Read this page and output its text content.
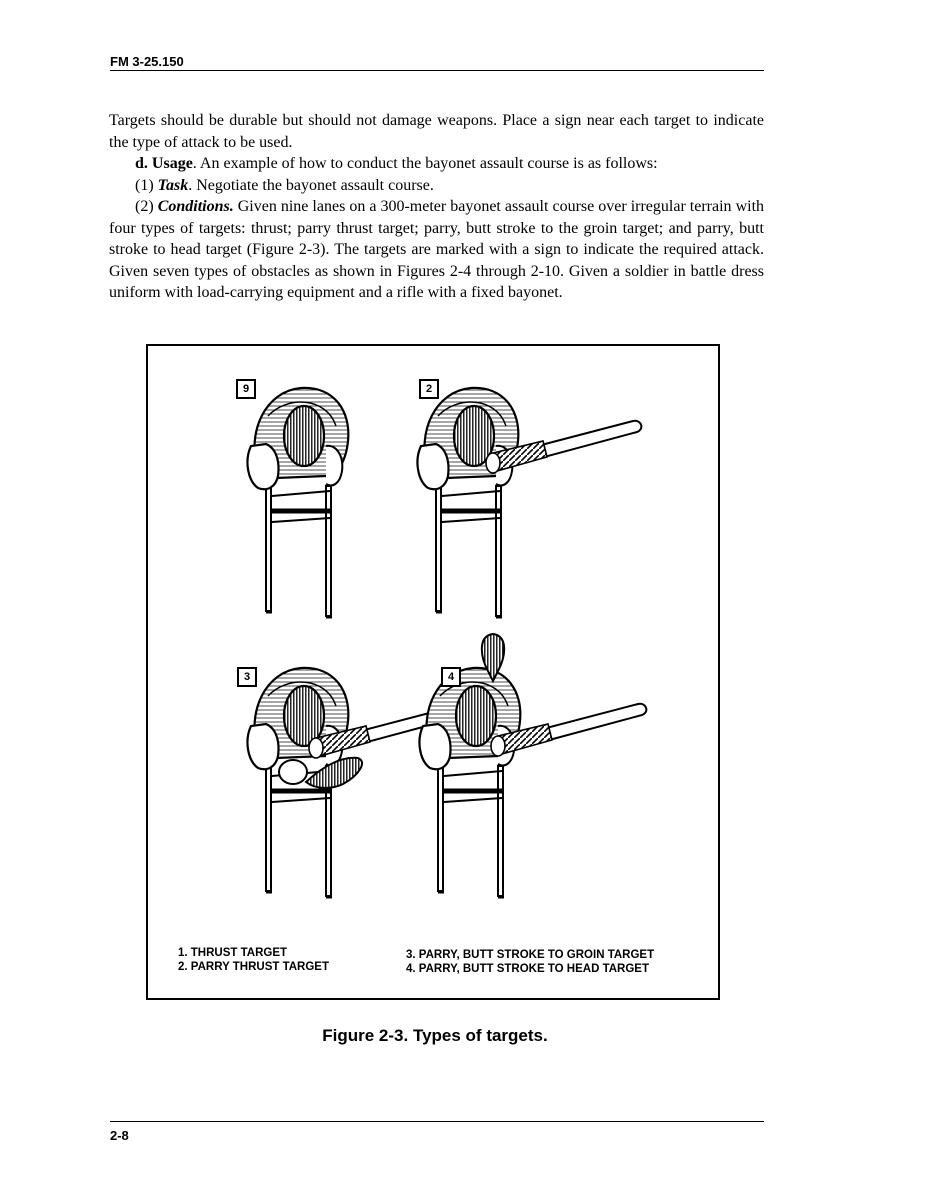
FM 3-25.150

Targets should be durable but should not damage weapons. Place a sign near each target to indicate the type of attack to be used.

d. Usage. An example of how to conduct the bayonet assault course is as follows:

(1) Task. Negotiate the bayonet assault course.

(2) Conditions. Given nine lanes on a 300-meter bayonet assault course over irregular terrain with four types of targets: thrust; parry thrust target; parry, butt stroke to the groin target; and parry, butt stroke to head target (Figure 2-3). The targets are marked with a sign to indicate the required attack. Given seven types of obstacles as shown in Figures 2-4 through 2-10. Given a soldier in battle dress uniform with load-carrying equipment and a rifle with a fixed bayonet.

9	2
3	4
1. THRUST TARGET
2. PARRY THRUST TARGET
3. PARRY, BUTT STROKE TO GROIN TARGET
4. PARRY, BUTT STROKE TO HEAD TARGET
Figure 2-3. Types of targets.
2-8
